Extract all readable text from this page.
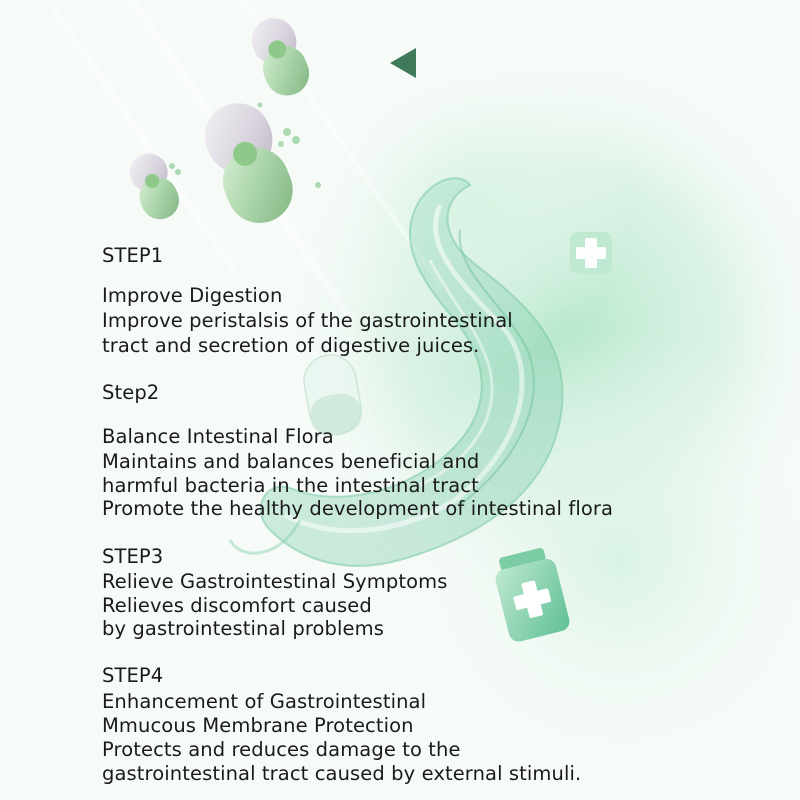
STEP1
Improve Digestion
Improve peristalsis of the gastrointestinal
tract and secretion of digestive juices.
Step2
Balance Intestinal Flora
Maintains and balances beneficial and
harmful bacteria in the intestinal tract
Promote the healthy development of intestinal flora
STEP3
Relieve Gastrointestinal Symptoms
Relieves discomfort caused
by gastrointestinal problems
STEP4
Enhancement of Gastrointestinal
Mmucous Membrane Protection
Protects and reduces damage to the
gastrointestinal tract caused by external stimuli.
